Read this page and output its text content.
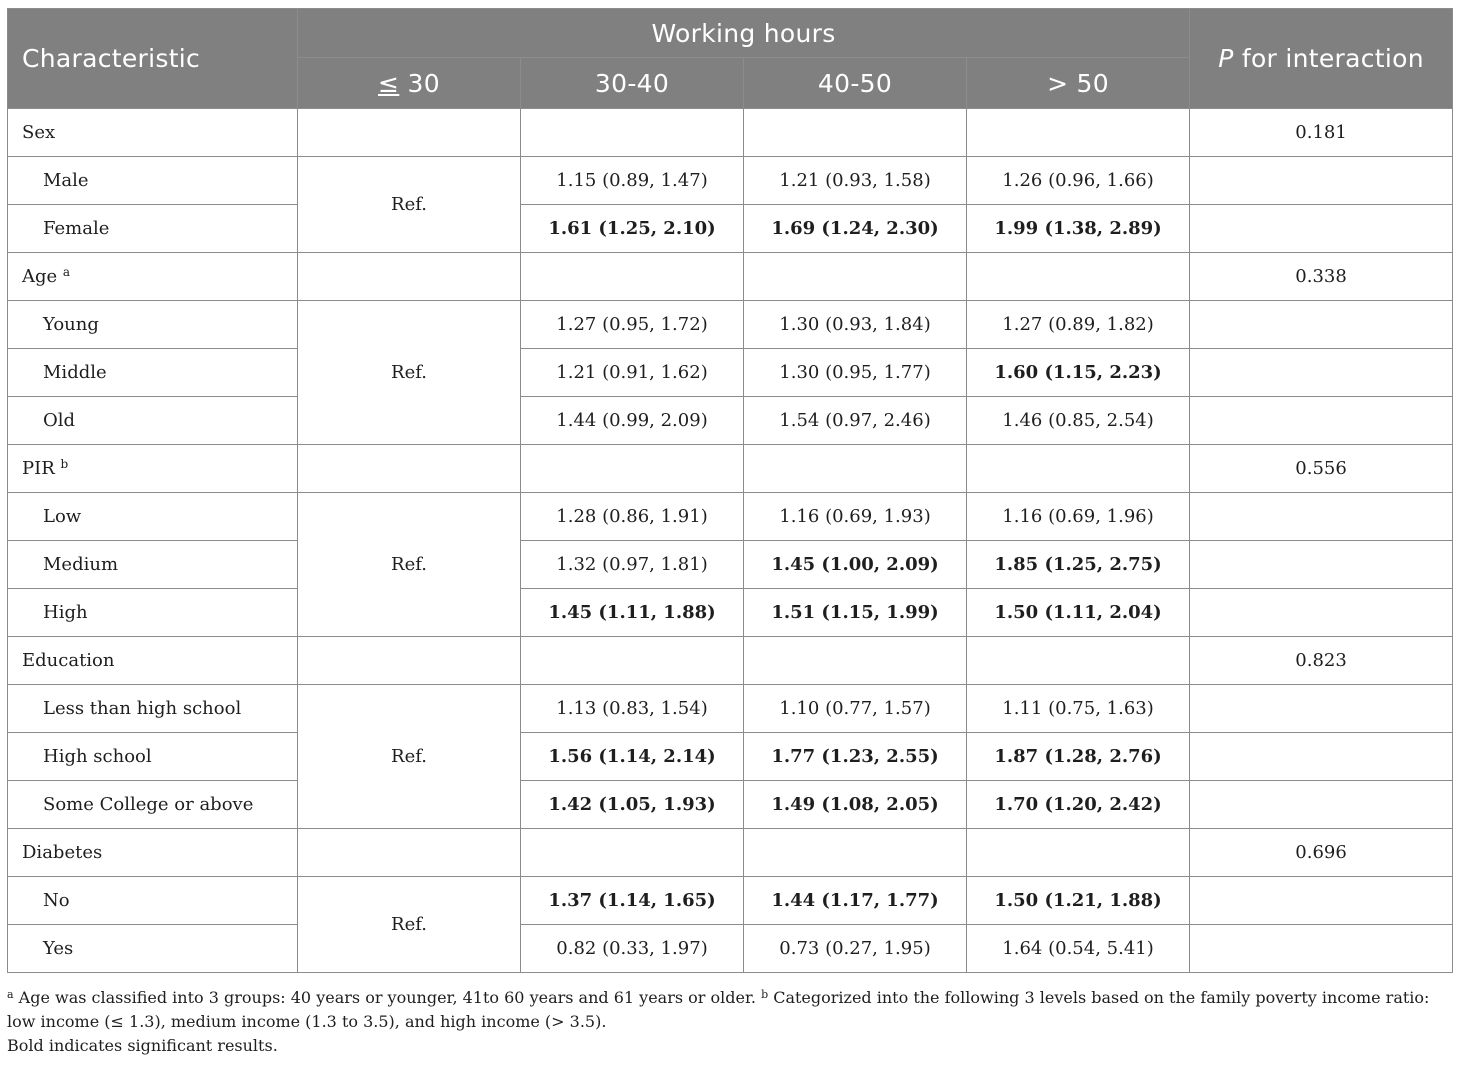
Characteristic	Working hours				P for interaction
	≤ 30	30-40	40-50	> 50	
Sex					0.181
Male	Ref.	1.15 (0.89, 1.47)	1.21 (0.93, 1.58)	1.26 (0.96, 1.66)	
Female		1.61 (1.25, 2.10)	1.69 (1.24, 2.30)	1.99 (1.38, 2.89)	
Age $^a$					0.338
Young	Ref.	1.27 (0.95, 1.72)	1.30 (0.93, 1.84)	1.27 (0.89, 1.82)	
Middle		1.21 (0.91, 1.62)	1.30 (0.95, 1.77)	1.60 (1.15, 2.23)	
Old		1.44 (0.99, 2.09)	1.54 (0.97, 2.46)	1.46 (0.85, 2.54)	
PIR $^b$					0.556
Low	Ref.	1.28 (0.86, 1.91)	1.16 (0.69, 1.93)	1.16 (0.69, 1.96)	
Medium		1.32 (0.97, 1.81)	1.45 (1.00, 2.09)	1.85 (1.25, 2.75)	
High		1.45 (1.11, 1.88)	1.51 (1.15, 1.99)	1.50 (1.11, 2.04)	
Education					0.823
Less than high school	Ref.	1.13 (0.83, 1.54)	1.10 (0.77, 1.57)	1.11 (0.75, 1.63)	
High school		1.56 (1.14, 2.14)	1.77 (1.23, 2.55)	1.87 (1.28, 2.76)	
Some College or above		1.42 (1.05, 1.93)	1.49 (1.08, 2.05)	1.70 (1.20, 2.42)	
Diabetes					0.696
No	Ref.	1.37 (1.14, 1.65)	1.44 (1.17, 1.77)	1.50 (1.21, 1.88)	
Yes		0.82 (0.33, 1.97)	0.73 (0.27, 1.95)	1.64 (0.54, 5.41)	

$^a$ Age was classified into 3 groups: 40 years or younger, 41to 60 years and 61 years or older. $^b$ Categorized into the following 3 levels based on the family poverty income ratio: low income (≤ 1.3), medium income (1.3 to 3.5), and high income (> 3.5).

Bold indicates significant results.
